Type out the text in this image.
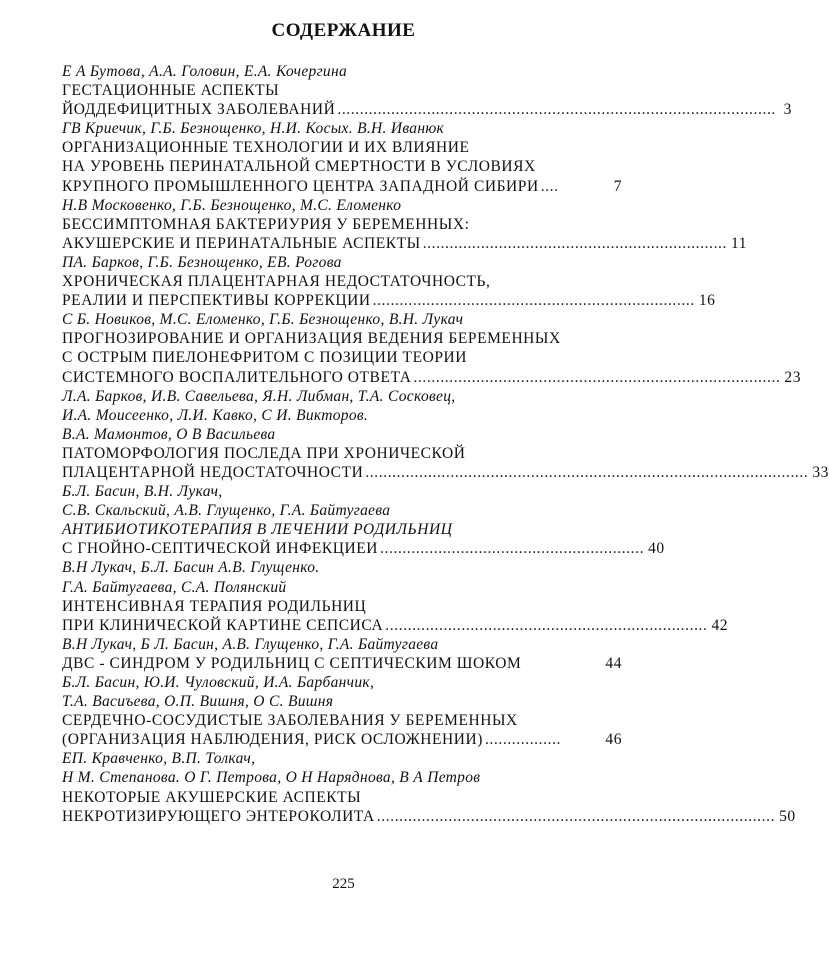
СОДЕРЖАНИЕ
Е А Бутова, А.А. Головин, Е.А. Кочергина
ГЕСТАЦИОННЫЕ АСПЕКТЫ
ЙОДДЕФИЦИТНЫХ ЗАБОЛЕВАНИЙ .................................................................................................. 3
ГВ Криечик, Г.Б. Безнощенко, Н.И. Косых. В.Н. Иванюк
ОРГАНИЗАЦИОННЫЕ ТЕХНОЛОГИИ И ИХ ВЛИЯНИЕ
НА УРОВЕНЬ ПЕРИНАТАЛЬНОЙ СМЕРТНОСТИ В УСЛОВИЯХ
КРУПНОГО ПРОМЫШЛЕННОГО ЦЕНТРА ЗАПАДНОЙ СИБИРИ ....	7
Н.В Московенко, Г.Б. Безнощенко, М.С. Еломенко
БЕССИМПТОМНАЯ БАКТЕРИУРИЯ У БЕРЕМЕННЫХ:
АКУШЕРСКИЕ И ПЕРИНАТАЛЬНЫЕ АСПЕКТЫ .................................................................... 11
ПА. Барков, Г.Б. Безнощенко, ЕВ. Рогова
ХРОНИЧЕСКАЯ ПЛАЦЕНТАРНАЯ НЕДОСТАТОЧНОСТЬ,
РЕАЛИИ И ПЕРСПЕКТИВЫ КОРРЕКЦИИ ........................................................................ 16
С Б. Новиков, М.С. Еломенко, Г.Б. Безнощенко, В.Н. Лукач
ПРОГНОЗИРОВАНИЕ И ОРГАНИЗАЦИЯ ВЕДЕНИЯ БЕРЕМЕННЫХ
С ОСТРЫМ ПИЕЛОНЕФРИТОМ С ПОЗИЦИИ ТЕОРИИ
СИСТЕМНОГО ВОСПАЛИТЕЛЬНОГО ОТВЕТА .................................................................................. 23
Л.А. Барков, И.В. Савельева, Я.Н. Либман, Т.А. Сосковец,
И.А. Моисеенко, Л.И. Кавко, С И. Викторов.
В.А. Мамонтов, О В Васильева
ПАТОМОРФОЛОГИЯ ПОСЛЕДА ПРИ ХРОНИЧЕСКОЙ
ПЛАЦЕНТАРНОЙ НЕДОСТАТОЧНОСТИ ................................................................................................... 33
Б.Л. Басин, В.Н. Лукач,
С.В. Скальский, А.В. Глущенко, Г.А. Байтугаева
АНТИБИОТИКОТЕРАПИЯ В ЛЕЧЕНИИ РОДИЛЬНИЦ
С ГНОЙНО-СЕПТИЧЕСКОЙ ИНФЕКЦИЕИ ........................................................... 40
В.Н Лукач, Б.Л. Басин А.В. Глущенко.
Г.А. Байтугаева, С.А. Полянский
ИНТЕНСИВНАЯ ТЕРАПИЯ РОДИЛЬНИЦ
ПРИ КЛИНИЧЕСКОЙ КАРТИНЕ СЕПСИСА ........................................................................ 42
В.Н Лукач, Б Л. Басин, А.В. Глущенко, Г.А. Байтугаева
ДВС - СИНДРОМ У РОДИЛЬНИЦ С СЕПТИЧЕСКИМ ШОКОМ	44
Б.Л. Басин, Ю.И. Чуловский, И.А. Барбанчик,
Т.А. Васиъева, О.П. Вишня, О С. Вишня
СЕРДЕЧНО-СОСУДИСТЫЕ ЗАБОЛЕВАНИЯ У БЕРЕМЕННЫХ
(ОРГАНИЗАЦИЯ НАБЛЮДЕНИЯ, РИСК ОСЛОЖНЕНИИ) .................	46
ЕП. Кравченко, В.П. Толкач,
Н М. Степанова. О Г. Петрова, О Н Наряднова, В А Петров
НЕКОТОРЫЕ АКУШЕРСКИЕ АСПЕКТЫ
НЕКРОТИЗИРУЮЩЕГО ЭНТЕРОКОЛИТА ......................................................................................... 50
225
